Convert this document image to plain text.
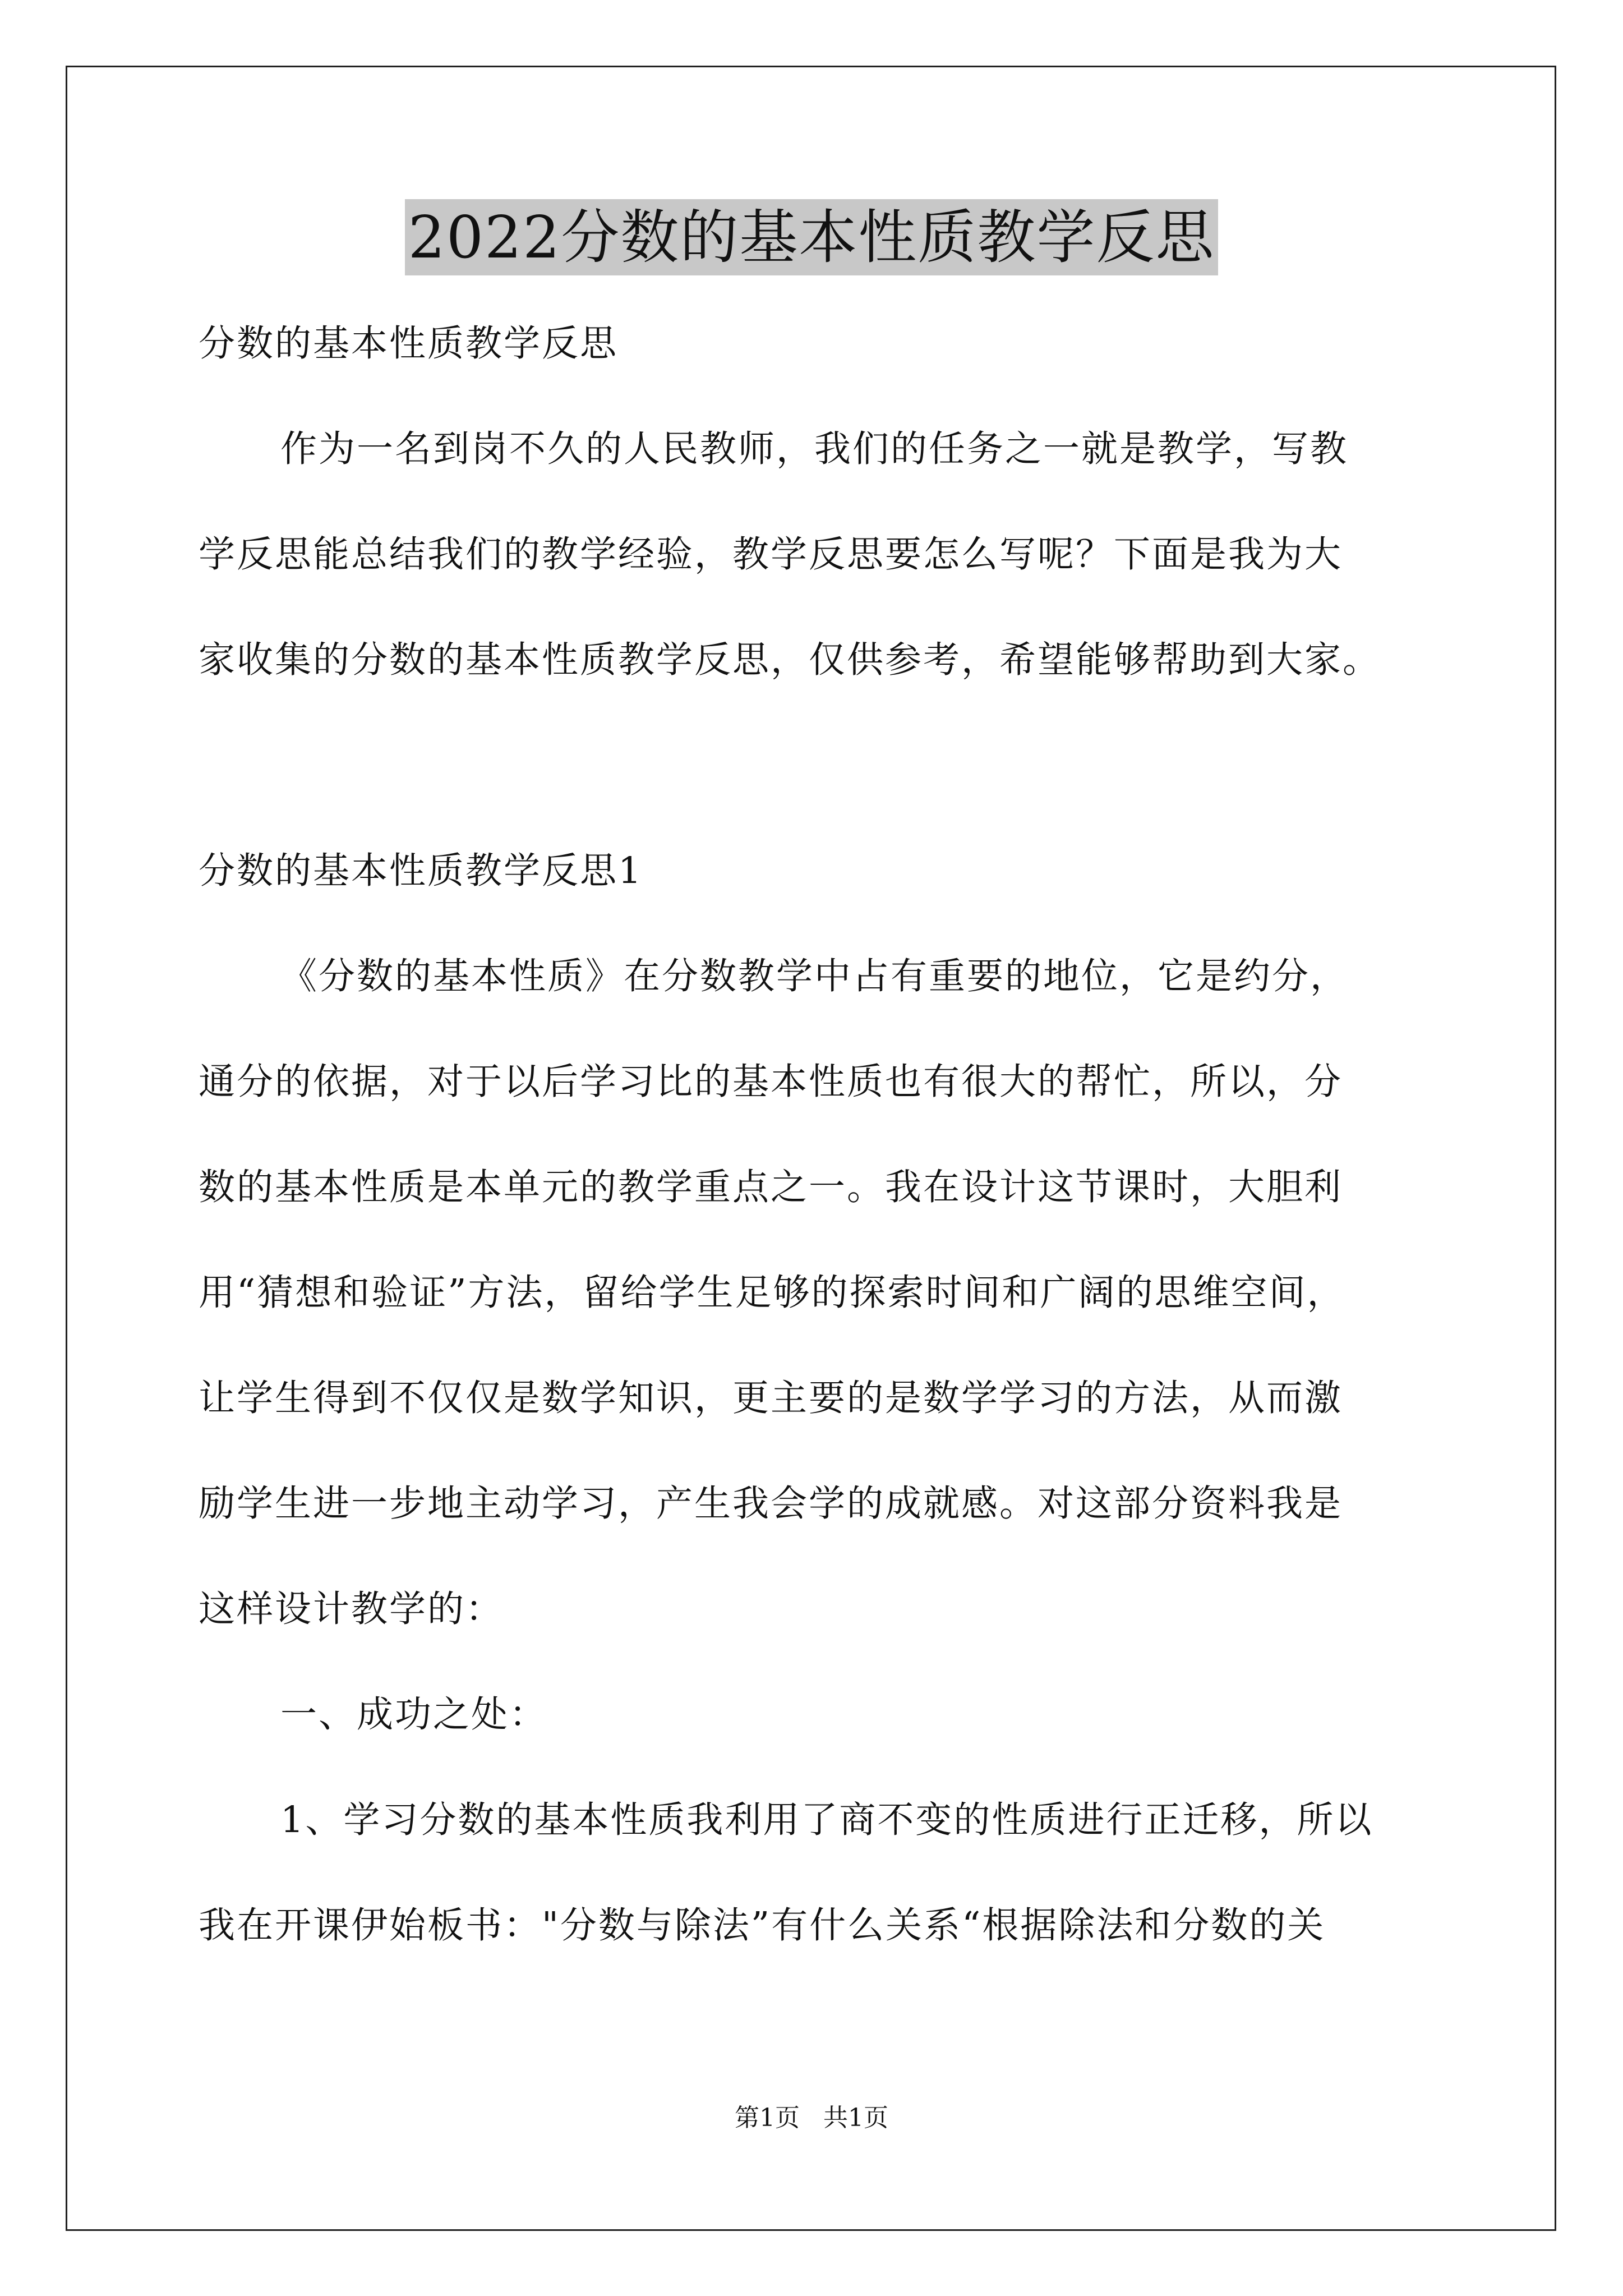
2022分数的基本性质教学反思
分数的基本性质教学反思
作为一名到岗不久的人民教师，我们的任务之一就是教学，写教
学反思能总结我们的教学经验，教学反思要怎么写呢？下面是我为大
家收集的分数的基本性质教学反思，仅供参考，希望能够帮助到大家。
分数的基本性质教学反思1
《分数的基本性质》在分数教学中占有重要的地位，它是约分，
通分的依据，对于以后学习比的基本性质也有很大的帮忙，所以，分
数的基本性质是本单元的教学重点之一。我在设计这节课时，大胆利
用“猜想和验证”方法，留给学生足够的探索时间和广阔的思维空间，
让学生得到不仅仅是数学知识，更主要的是数学学习的方法，从而激
励学生进一步地主动学习，产生我会学的成就感。对这部分资料我是
这样设计教学的：
一、成功之处：
1、学习分数的基本性质我利用了商不变的性质进行正迁移，所以
我在开课伊始板书："分数与除法”有什么关系“根据除法和分数的关
第1页   共1页
